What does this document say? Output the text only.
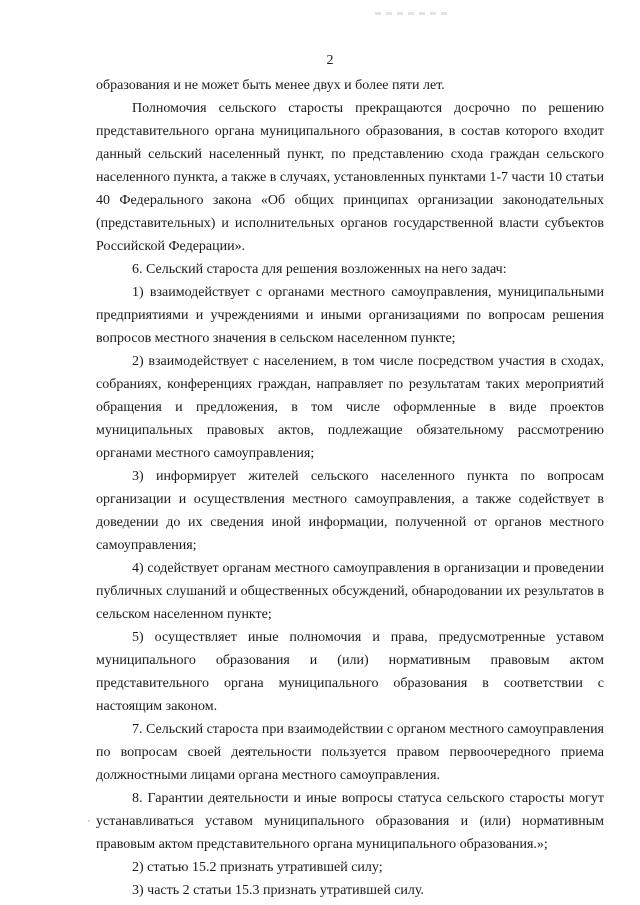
2

образования и не может быть менее двух и более пяти лет.

Полномочия сельского старосты прекращаются досрочно по решению представительного органа муниципального образования, в состав которого входит данный сельский населенный пункт, по представлению схода граждан сельского населенного пункта, а также в случаях, установленных пунктами 1-7 части 10 статьи 40 Федерального закона «Об общих принципах организации законодательных (представительных) и исполнительных органов государственной власти субъектов Российской Федерации».

6. Сельский староста для решения возложенных на него задач:

1) взаимодействует с органами местного самоуправления, муниципальными предприятиями и учреждениями и иными организациями по вопросам решения вопросов местного значения в сельском населенном пункте;

2) взаимодействует с населением, в том числе посредством участия в сходах, собраниях, конференциях граждан, направляет по результатам таких мероприятий обращения и предложения, в том числе оформленные в виде проектов муниципальных правовых актов, подлежащие обязательному рассмотрению органами местного самоуправления;

3) информирует жителей сельского населенного пункта по вопросам организации и осуществления местного самоуправления, а также содействует в доведении до их сведения иной информации, полученной от органов местного самоуправления;

4) содействует органам местного самоуправления в организации и проведении публичных слушаний и общественных обсуждений, обнародовании их результатов в сельском населенном пункте;

5) осуществляет иные полномочия и права, предусмотренные уставом муниципального образования и (или) нормативным правовым актом представительного органа муниципального образования в соответствии с настоящим законом.

7. Сельский староста при взаимодействии с органом местного самоуправления по вопросам своей деятельности пользуется правом первоочередного приема должностными лицами органа местного самоуправления.

8. Гарантии деятельности и иные вопросы статуса сельского старосты могут устанавливаться уставом муниципального образования и (или) нормативным правовым актом представительного органа муниципального образования.»;

2) статью 15.2 признать утратившей силу;

3) часть 2 статьи 15.3 признать утратившей силу.
